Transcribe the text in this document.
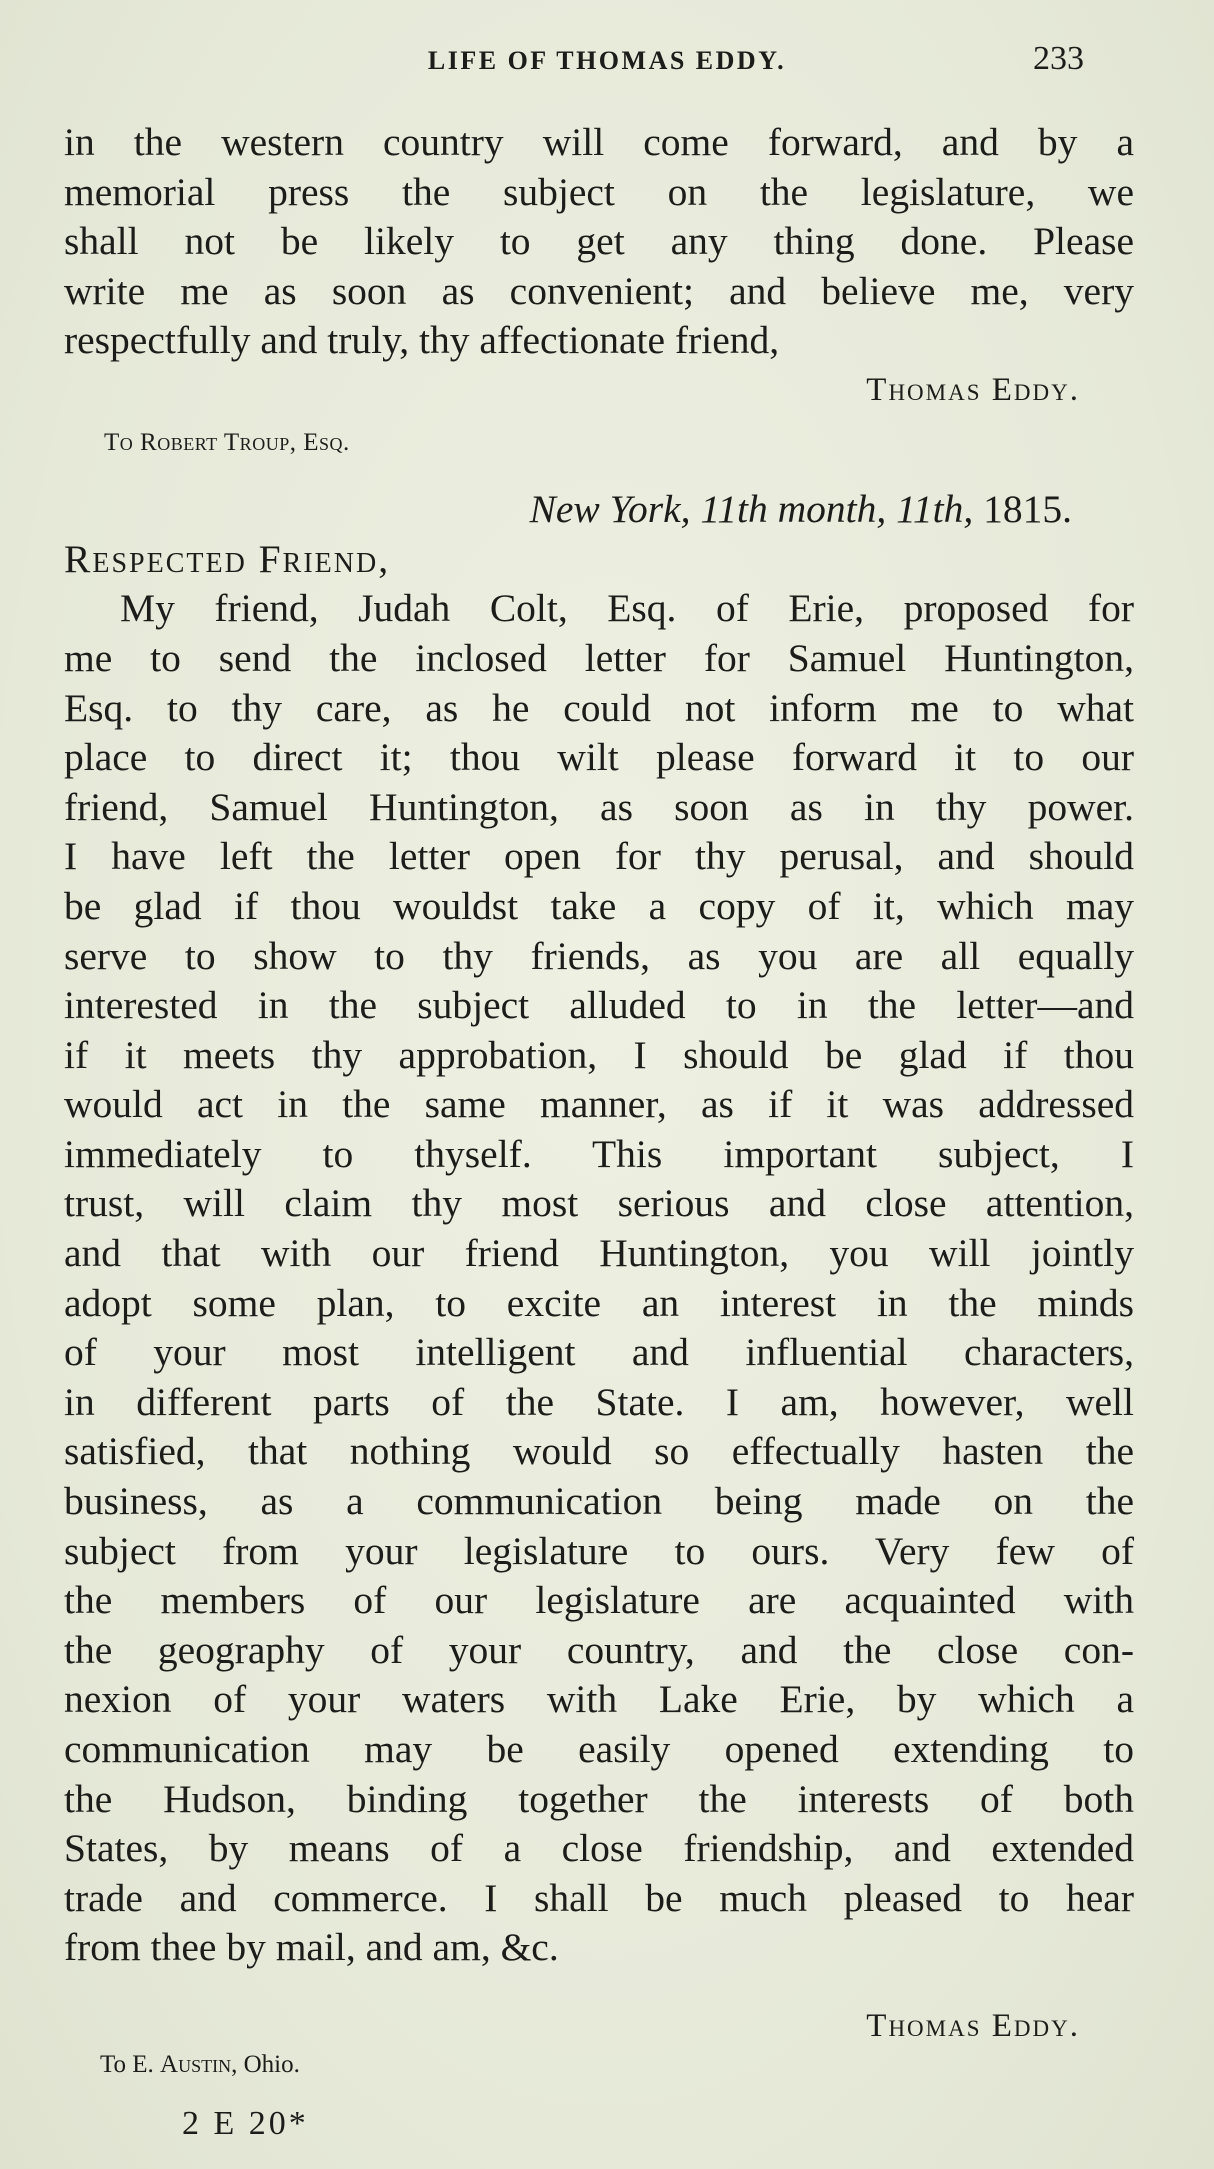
LIFE OF THOMAS EDDY.	233
in the western country will come forward, and by a
memorial press the subject on the legislature, we
shall not be likely to get any thing done. Please
write me as soon as convenient; and believe me, very
respectfully and truly, thy affectionate friend,
Thomas Eddy.
To Robert Troup, Esq.
New York, 11th month, 11th, 1815.
Respected Friend,
My friend, Judah Colt, Esq. of Erie, proposed for
me to send the inclosed letter for Samuel Huntington,
Esq. to thy care, as he could not inform me to what
place to direct it; thou wilt please forward it to our
friend, Samuel Huntington, as soon as in thy power.
I have left the letter open for thy perusal, and should
be glad if thou wouldst take a copy of it, which may
serve to show to thy friends, as you are all equally
interested in the subject alluded to in the letter—and
if it meets thy approbation, I should be glad if thou
would act in the same manner, as if it was addressed
immediately to thyself. This important subject, I
trust, will claim thy most serious and close attention,
and that with our friend Huntington, you will jointly
adopt some plan, to excite an interest in the minds
of your most intelligent and influential characters,
in different parts of the State. I am, however, well
satisfied, that nothing would so effectually hasten the
business, as a communication being made on the
subject from your legislature to ours. Very few of
the members of our legislature are acquainted with
the geography of your country, and the close con-
nexion of your waters with Lake Erie, by which a
communication may be easily opened extending to
the Hudson, binding together the interests of both
States, by means of a close friendship, and extended
trade and commerce. I shall be much pleased to hear
from thee by mail, and am, &c.
Thomas Eddy.
To E. Austin, Ohio.
2 E 20*
